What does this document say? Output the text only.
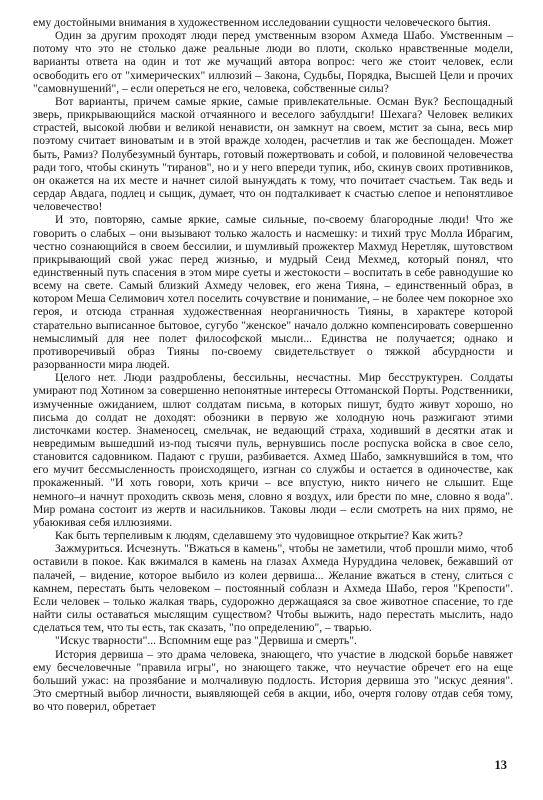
ему достойными внимания в художественном исследовании сущности человеческого бытия.

Один за другим проходят люди перед умственным взором Ахмеда Шабо. Умственным – потому что это не столько даже реальные люди во плоти, сколько нравственные модели, варианты ответа на один и тот же мучащий автора вопрос: чего же стоит человек, если освободить его от "химерических" иллюзий – Закона, Судьбы, Порядка, Высшей Цели и прочих "самовнушений", – если опереться не его, человека, собственные силы?

Вот варианты, причем самые яркие, самые привлекательные. Осман Вук? Беспощадный зверь, прикрывающийся маской отчаянного и веселого забулдыги! Шехага? Человек великих страстей, высокой любви и великой ненависти, он замкнут на своем, мстит за сына, весь мир поэтому считает виноватым и в этой вражде холоден, расчетлив и так же беспощаден. Может быть, Рамиз? Полубезумный бунтарь, готовый пожертвовать и собой, и половиной человечества ради того, чтобы скинуть "тиранов", но и у него впереди тупик, ибо, скинув своих противников, он окажется на их месте и начнет силой вынуждать к тому, что почитает счастьем. Так ведь и сердар Авдага, подлец и сыщик, думает, что он подталкивает к счастью слепое и непонятливое человечество!

И это, повторяю, самые яркие, самые сильные, по-своему благородные люди! Что же говорить о слабых – они вызывают только жалость и насмешку: и тихий трус Молла Ибрагим, честно сознающийся в своем бессилии, и шумливый прожектер Махмуд Неретляк, шутовством прикрывающий свой ужас перед жизнью, и мудрый Сеид Мехмед, который понял, что единственный путь спасения в этом мире суеты и жестокости – воспитать в себе равнодушие ко всему на свете. Самый близкий Ахмеду человек, его жена Тияна, – единственный образ, в котором Меша Селимович хотел поселить сочувствие и понимание, – не более чем покорное эхо героя, и отсюда странная художественная неорганичность Тияны, в характере которой старательно выписанное бытовое, сугубо "женское" начало должно компенсировать совершенно немыслимый для нее полет философской мысли... Единства не получается; однако и противоречивый образ Тияны по-своему свидетельствует о тяжкой абсурдности и разорванности мира людей.

Целого нет. Люди раздроблены, бессильны, несчастны. Мир бесструктурен. Солдаты умирают под Хотином за совершенно непонятные интересы Оттоманской Порты. Родственники, измученные ожиданием, шлют солдатам письма, в которых пишут, будто живут хорошо, но письма до солдат не доходят: обозники в первую же холодную ночь разжигают этими листочками костер. Знаменосец, смельчак, не ведающий страха, ходивший в десятки атак и невредимым вышедший из-под тысячи пуль, вернувшись после роспуска войска в свое село, становится садовником. Падают с груши, разбивается. Ахмед Шабо, замкнувшийся в том, что его мучит бессмысленность происходящего, изгнан со службы и остается в одиночестве, как прокаженный. "И хоть говори, хоть кричи – все впустую, никто ничего не слышит. Еще немного–и начнут проходить сквозь меня, словно я воздух, или брести по мне, словно я вода". Мир романа состоит из жертв и насильников. Таковы люди – если смотреть на них прямо, не убаюкивая себя иллюзиями.

Как быть терпеливым к людям, сделавшему это чудовищное открытие? Как жить?

Зажмуриться. Исчезнуть. "Вжаться в камень", чтобы не заметили, чтоб прошли мимо, чтоб оставили в покое. Как вжимался в камень на глазах Ахмеда Нуруддина человек, бежавший от палачей, – видение, которое выбило из колеи дервиша... Желание вжаться в стену, слиться с камнем, перестать быть человеком – постоянный соблазн и Ахмеда Шабо, героя "Крепости". Если человек – только жалкая тварь, судорожно держащаяся за свое животное спасение, то где найти силы оставаться мыслящим существом? Чтобы выжить, надо перестать мыслить, надо сделаться тем, что ты есть, так сказать, "по определению", – тварью.

"Искус тварности"... Вспомним еще раз "Дервиша и смерть".

История дервиша – это драма человека, знающего, что участие в людской борьбе навяжет ему бесчеловечные "правила игры", но знающего также, что неучастие обречет его на еще больший ужас: на прозябание и молчаливую подлость. История дервиша это "искус деяния". Это смертный выбор личности, выявляющей себя в акции, ибо, очертя голову отдав себя тому, во что поверил, обретает

13
